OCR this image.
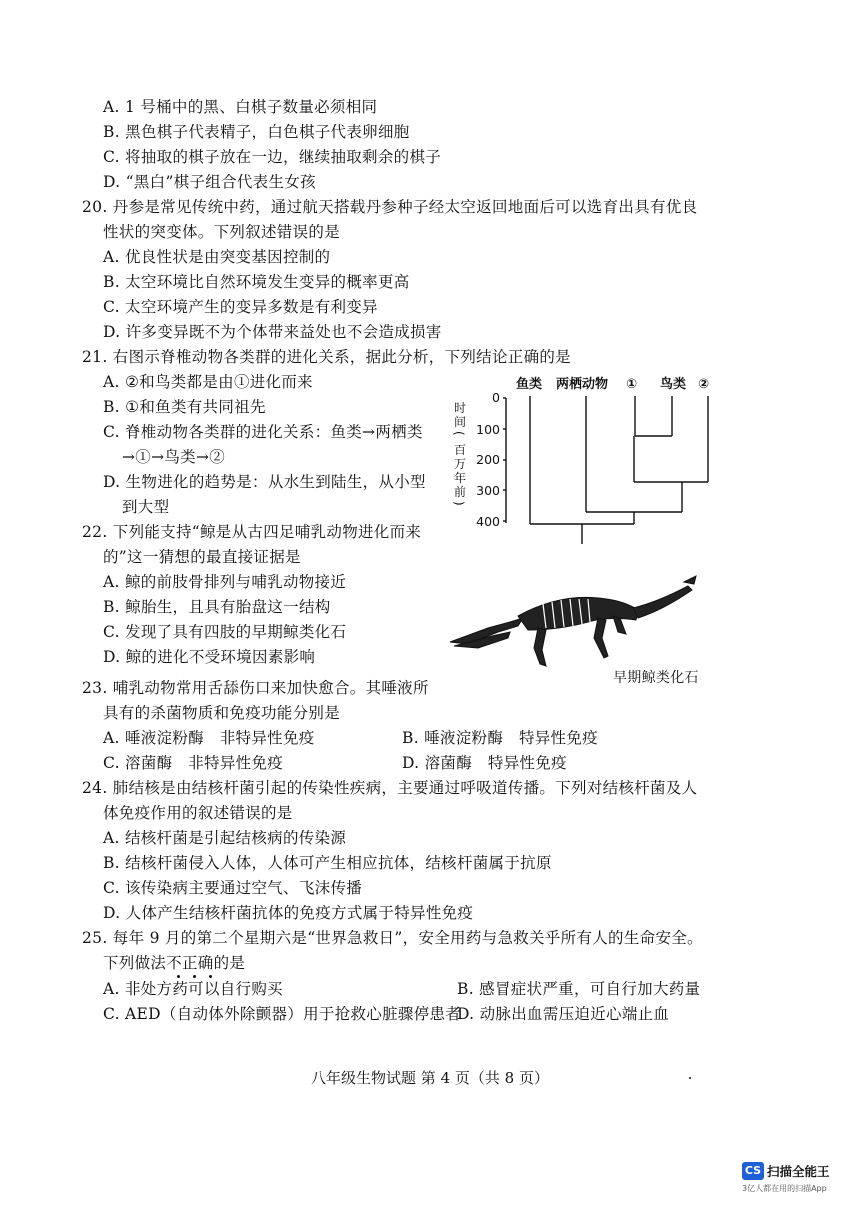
A. 1 号桶中的黑、白棋子数量必须相同
B. 黑色棋子代表精子，白色棋子代表卵细胞
C. 将抽取的棋子放在一边，继续抽取剩余的棋子
D. “黑白”棋子组合代表生女孩
20. 丹参是常见传统中药，通过航天搭载丹参种子经太空返回地面后可以选育出具有优良
性状的突变体。下列叙述错误的是
A. 优良性状是由突变基因控制的
B. 太空环境比自然环境发生变异的概率更高
C. 太空环境产生的变异多数是有利变异
D. 许多变异既不为个体带来益处也不会造成损害
21. 右图示脊椎动物各类群的进化关系，据此分析，下列结论正确的是
A. ②和鸟类都是由①进化而来
B. ①和鱼类有共同祖先
C. 脊椎动物各类群的进化关系：鱼类→两栖类
→①→鸟类→②
D. 生物进化的趋势是：从水生到陆生，从小型
到大型
鱼类 两栖动物 ① 鸟类 ②
时
间
(
百
万
年
前
)
0
100
200
300
400
22. 下列能支持“鲸是从古四足哺乳动物进化而来
的”这一猜想的最直接证据是
A. 鲸的前肢骨排列与哺乳动物接近
B. 鲸胎生，且具有胎盘这一结构
C. 发现了具有四肢的早期鲸类化石
D. 鲸的进化不受环境因素影响
早期鲸类化石
23. 哺乳动物常用舌舔伤口来加快愈合。其唾液所
具有的杀菌物质和免疫功能分别是
A. 唾液淀粉酶　非特异性免疫	B. 唾液淀粉酶　特异性免疫
C. 溶菌酶　非特异性免疫	D. 溶菌酶　特异性免疫
24. 肺结核是由结核杆菌引起的传染性疾病，主要通过呼吸道传播。下列对结核杆菌及人
体免疫作用的叙述错误的是
A. 结核杆菌是引起结核病的传染源
B. 结核杆菌侵入人体，人体可产生相应抗体，结核杆菌属于抗原
C. 该传染病主要通过空气、飞沫传播
D. 人体产生结核杆菌抗体的免疫方式属于特异性免疫
25. 每年 9 月的第二个星期六是“世界急救日”，安全用药与急救关乎所有人的生命安全。
下列做法不正确的是
A. 非处方药可以自行购买	B. 感冒症状严重，可自行加大药量
C. AED（自动体外除颤器）用于抢救心脏骤停患者
D. 动脉出血需压迫近心端止血
八年级生物试题 第 4 页（共 8 页）
CS 扫描全能王
3亿人都在用的扫描App
